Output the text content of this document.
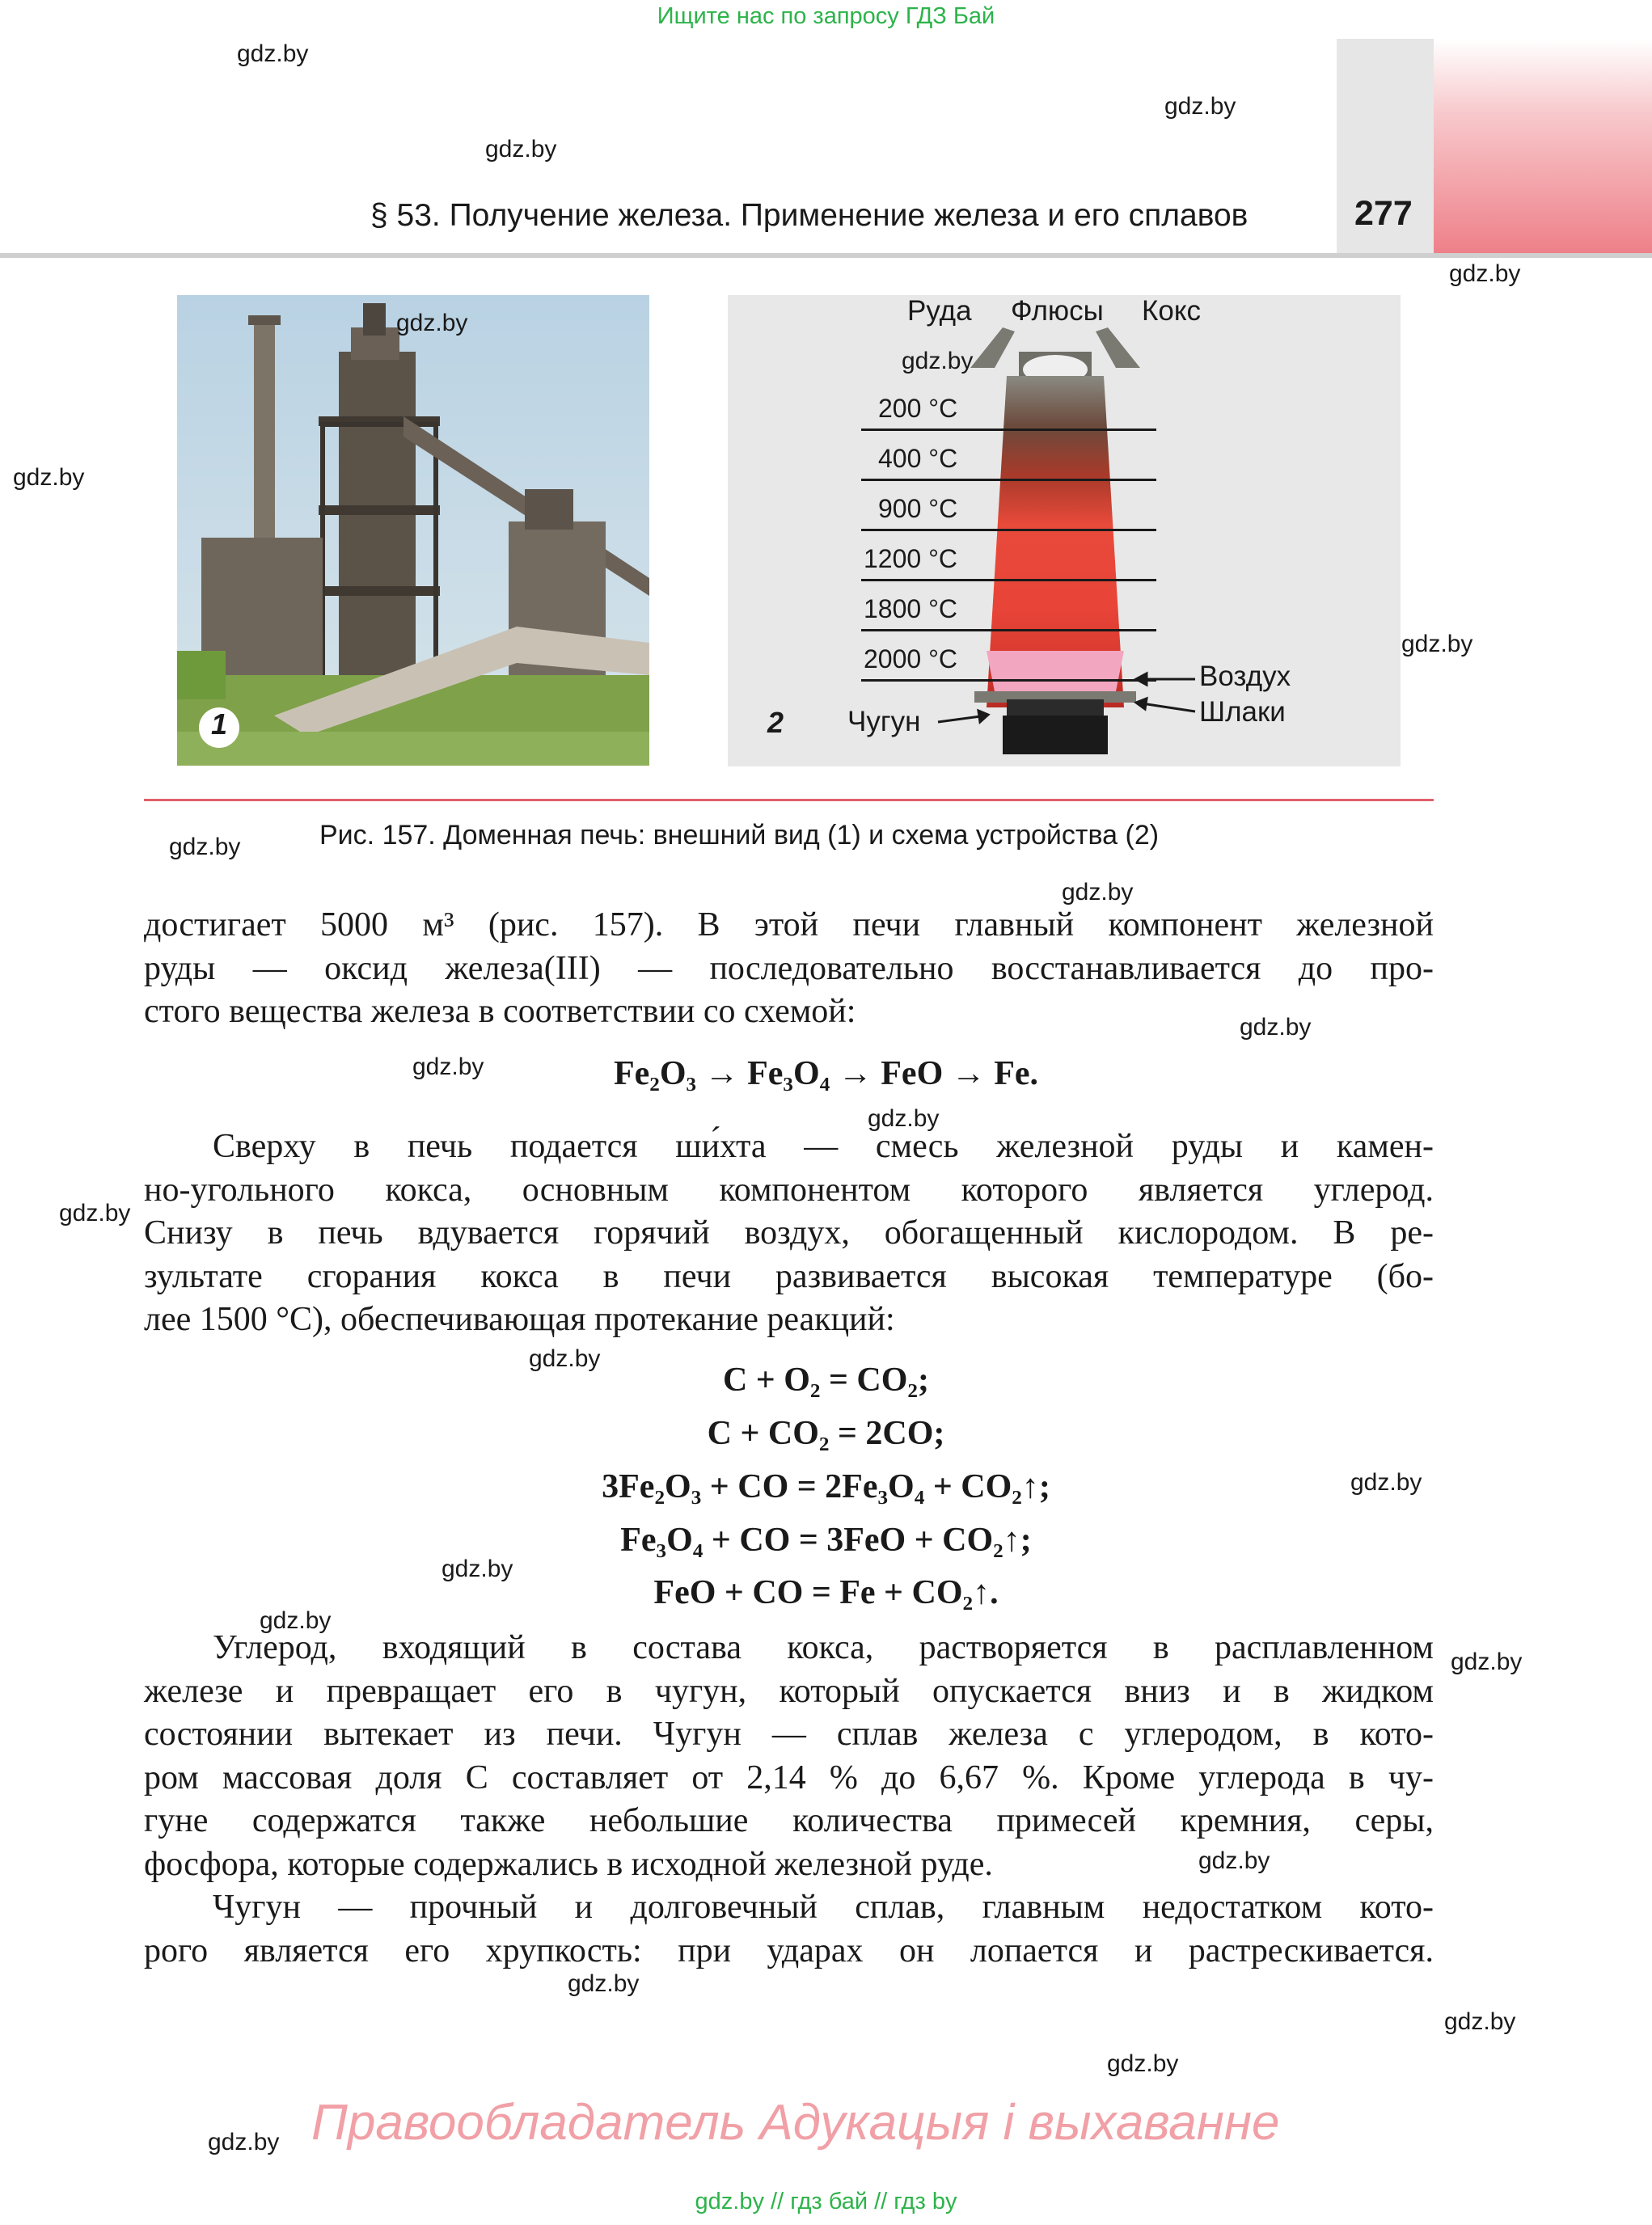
Ищите нас по запросу ГДЗ Бай
§ 53. Получение железа. Применение железа и его сплавов	277
1
200 °C
400 °C
900 °C
1200 °C
1800 °C
2000 °C
Руда Флюсы Кокс
Воздух
Шлаки
Чугун
2
Рис. 157. Доменная печь: внешний вид (1) и схема устройства (2)
достигает 5000 м³ (рис. 157). В этой печи главный компонент железной
руды — оксид железа(III) — последовательно восстанавливается до про-
стого вещества железа в соответствии со схемой:
Fe₂O₃ → Fe₃O₄ → FeO → Fe.
Сверху в печь подается ши́хта — смесь железной руды и камен-
но-угольного кокса, основным компонентом которого является углерод.
Снизу в печь вдувается горячий воздух, обогащенный кислородом. В ре-
зультате сгорания кокса в печи развивается высокая температуре (бо-
лее 1500 °С), обеспечивающая протекание реакций:
C + O₂ = CO₂;
C + CO₂ = 2CO;
3Fe₂O₃ + CO = 2Fe₃O₄ + CO₂↑;
Fe₃O₄ + CO = 3FeO + CO₂↑;
FeO + CO = Fe + CO₂↑.
Углерод, входящий в состава кокса, растворяется в расплавленном
железе и превращает его в чугун, который опускается вниз и в жидком
состоянии вытекает из печи. Чугун — сплав железа с углеродом, в кото-
ром массовая доля C составляет от 2,14 % до 6,67 %. Кроме углерода в чу-
гуне содержатся также небольшие количества примесей кремния, серы,
фосфора, которые содержались в исходной железной руде.
Чугун — прочный и долговечный сплав, главным недостатком кото-
рого является его хрупкость: при ударах он лопается и растрескивается.
gdz.by
gdz.by
gdz.by
gdz.by
gdz.by
gdz.by
gdz.by
gdz.by
gdz.by
gdz.by
gdz.by
gdz.by
gdz.by
gdz.by
gdz.by
gdz.by
gdz.by
gdz.by
gdz.by
gdz.by
gdz.by
gdz.by
gdz.by
gdz.by Правообладатель Адукацыя і выхаванне
gdz.by // гдз бай // гдз by
